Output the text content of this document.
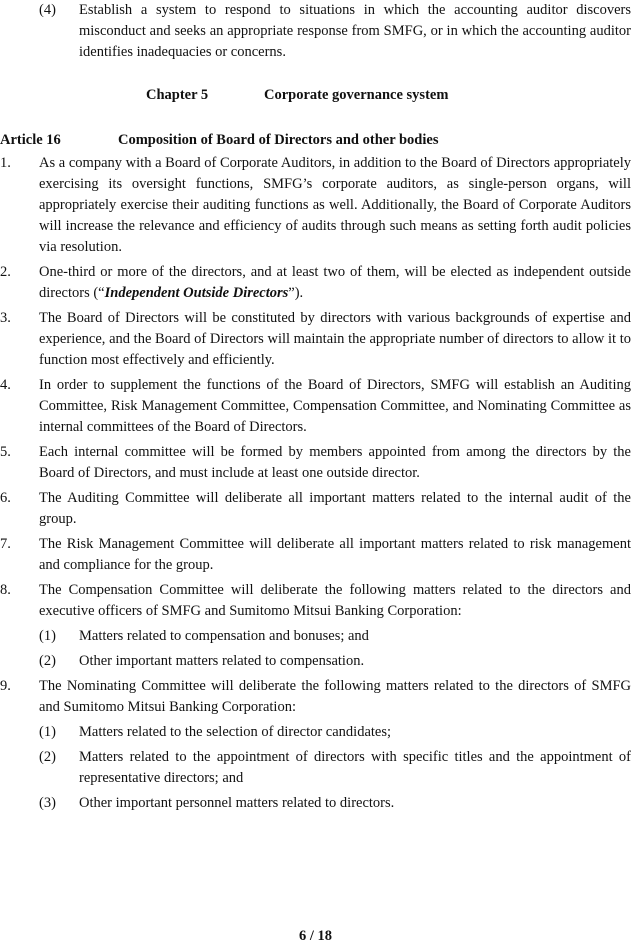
(4) Establish a system to respond to situations in which the accounting auditor discovers misconduct and seeks an appropriate response from SMFG, or in which the accounting auditor identifies inadequacies or concerns.
Chapter 5	Corporate governance system
Article 16	Composition of Board of Directors and other bodies
1. As a company with a Board of Corporate Auditors, in addition to the Board of Directors appropriately exercising its oversight functions, SMFG’s corporate auditors, as single-person organs, will appropriately exercise their auditing functions as well. Additionally, the Board of Corporate Auditors will increase the relevance and efficiency of audits through such means as setting forth audit policies via resolution.
2. One-third or more of the directors, and at least two of them, will be elected as independent outside directors (“Independent Outside Directors”).
3. The Board of Directors will be constituted by directors with various backgrounds of expertise and experience, and the Board of Directors will maintain the appropriate number of directors to allow it to function most effectively and efficiently.
4. In order to supplement the functions of the Board of Directors, SMFG will establish an Auditing Committee, Risk Management Committee, Compensation Committee, and Nominating Committee as internal committees of the Board of Directors.
5. Each internal committee will be formed by members appointed from among the directors by the Board of Directors, and must include at least one outside director.
6. The Auditing Committee will deliberate all important matters related to the internal audit of the group.
7. The Risk Management Committee will deliberate all important matters related to risk management and compliance for the group.
8. The Compensation Committee will deliberate the following matters related to the directors and executive officers of SMFG and Sumitomo Mitsui Banking Corporation:
(1) Matters related to compensation and bonuses; and
(2) Other important matters related to compensation.
9. The Nominating Committee will deliberate the following matters related to the directors of SMFG and Sumitomo Mitsui Banking Corporation:
(1) Matters related to the selection of director candidates;
(2) Matters related to the appointment of directors with specific titles and the appointment of representative directors; and
(3) Other important personnel matters related to directors.
6 / 18
